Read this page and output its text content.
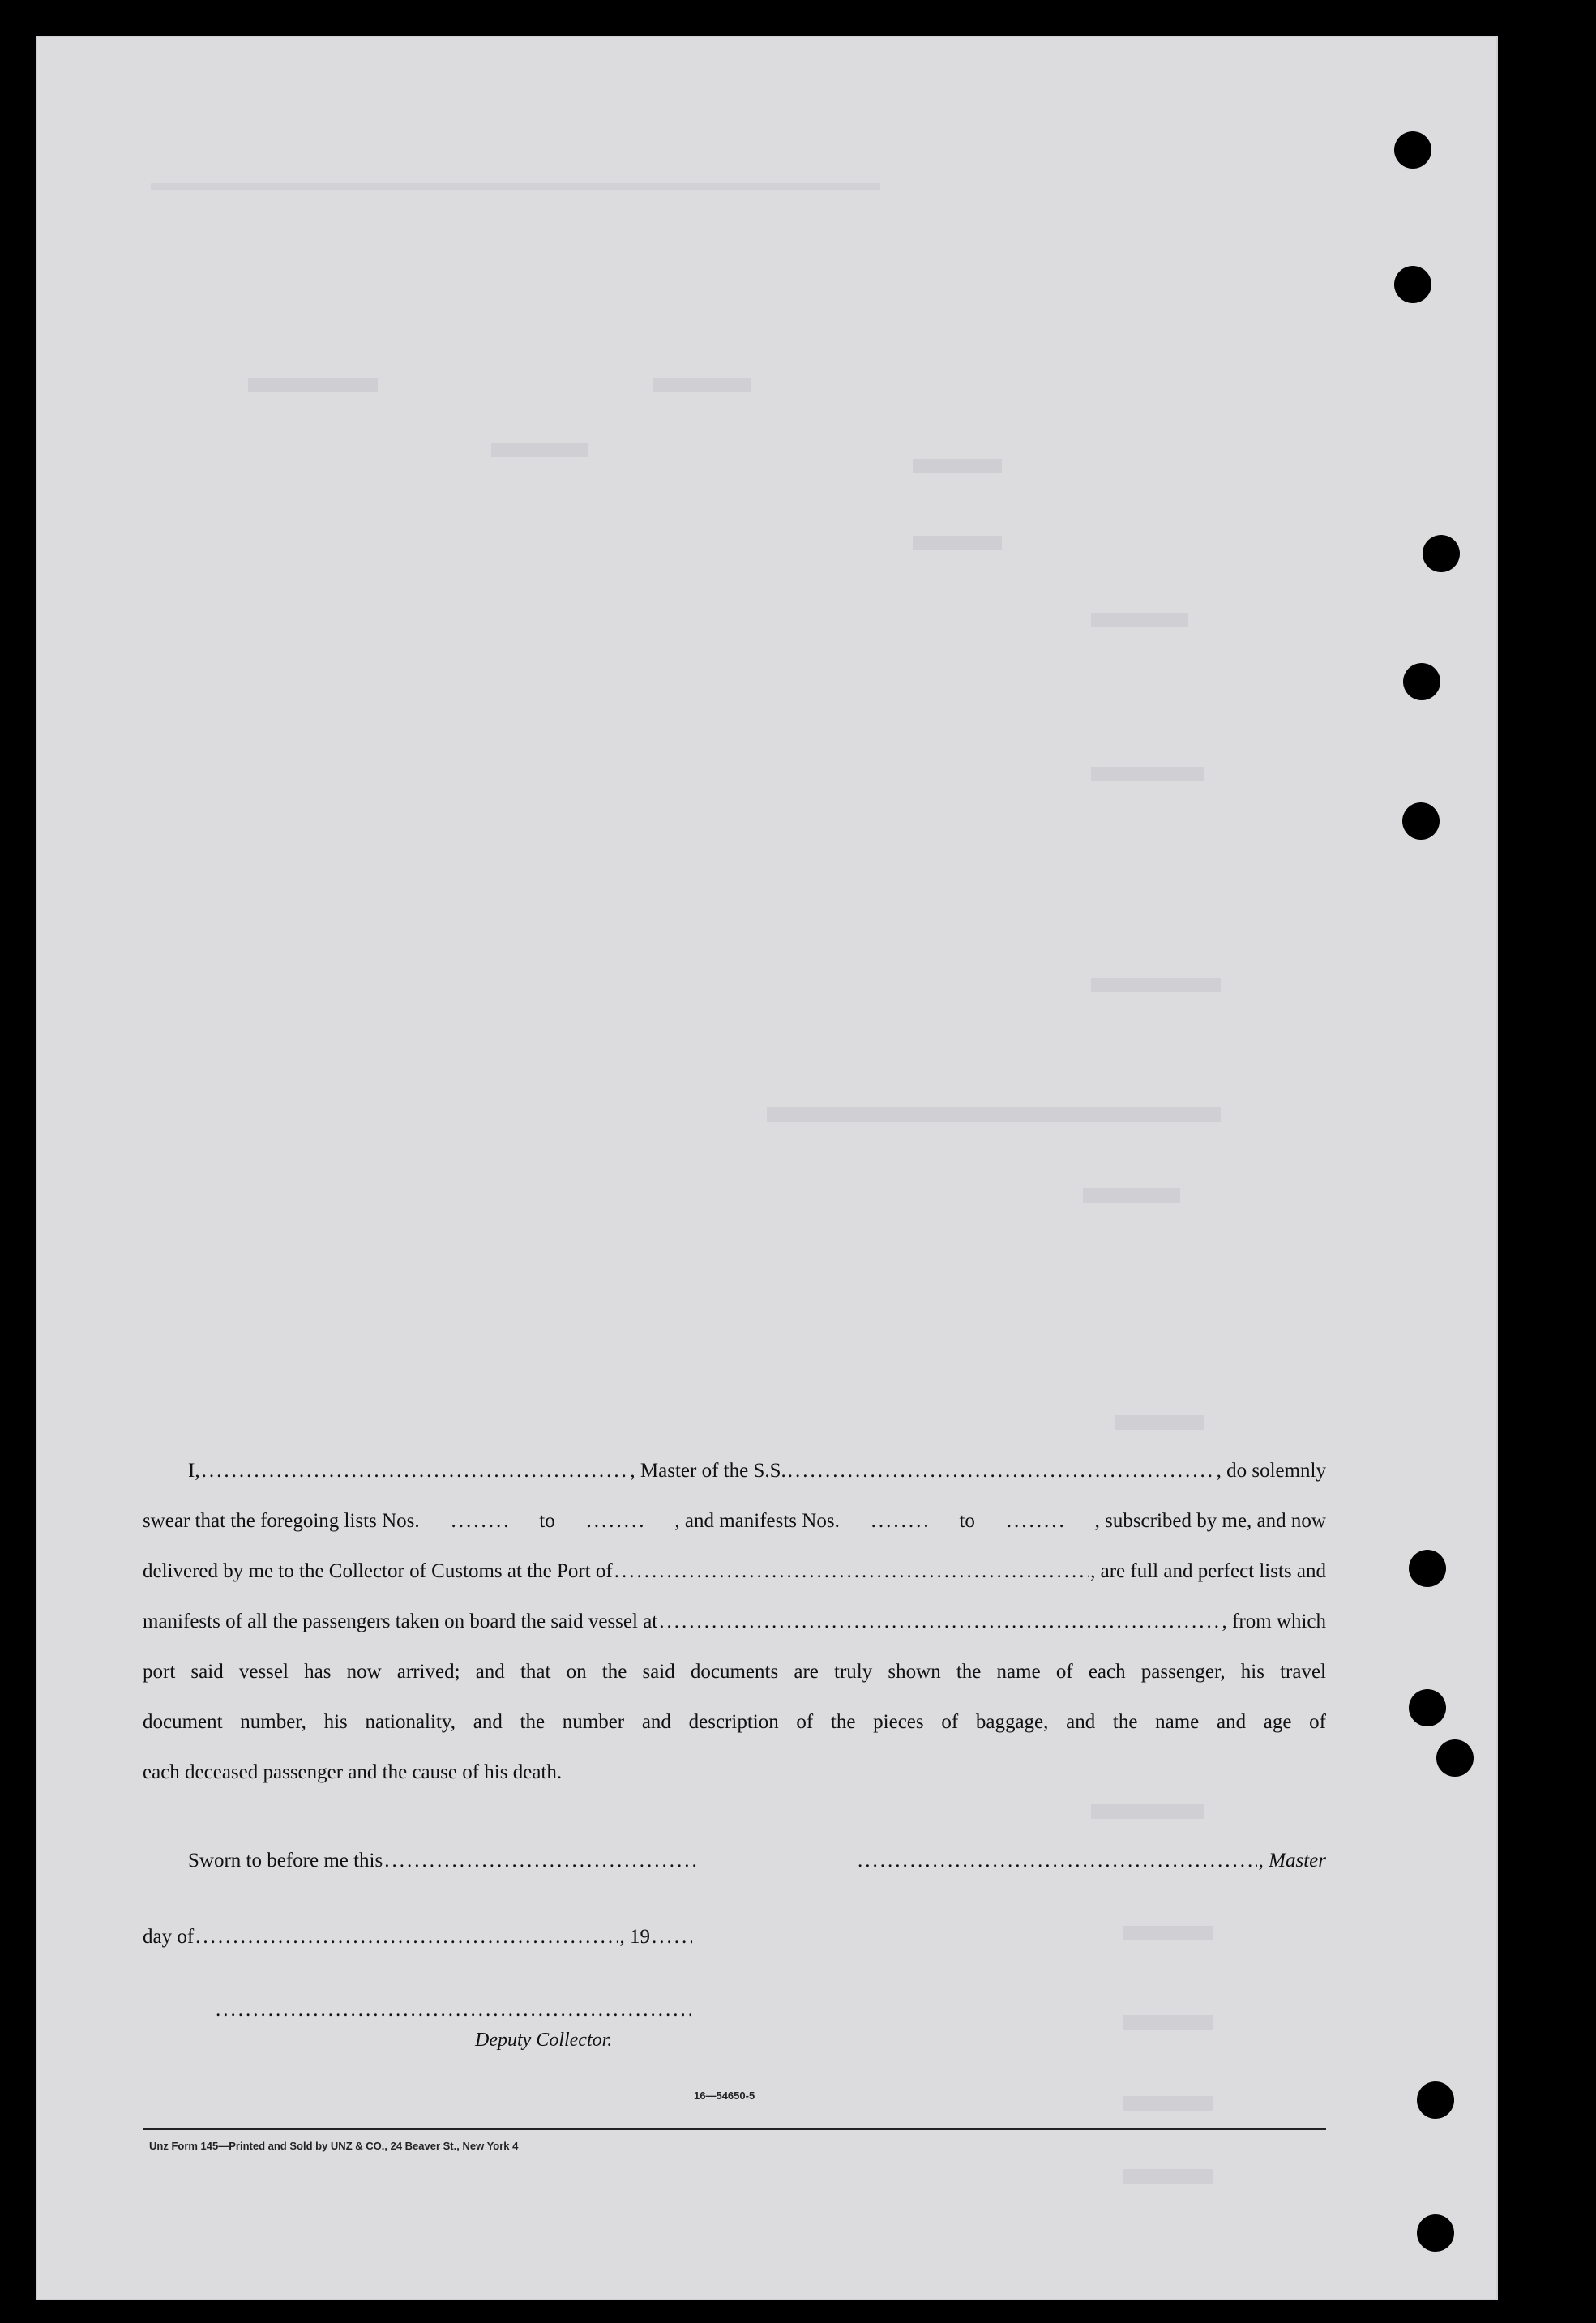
I, .....	, Master of the S.S. .....	, do solemnly
swear that the foregoing lists Nos. .....	to .....	, and manifests Nos. .....	to .....	, subscribed by me, and now
delivered by me to the Collector of Customs at the Port of .....	, are full and perfect lists and
manifests of all the passengers taken on board the said vessel at .....	, from which
port said vessel has now arrived; and that on the said documents are truly shown the name of each passenger, his travel
document number, his nationality, and the number and description of the pieces of baggage, and the name and age of
each deceased passenger and the cause of his death.
Sworn to before me this ..... .....	, Master
day of .....	, 19
.....
.....
Deputy Collector.
16—54650-5
Unz Form 145—Printed and Sold by UNZ & CO., 24 Beaver St., New York 4
